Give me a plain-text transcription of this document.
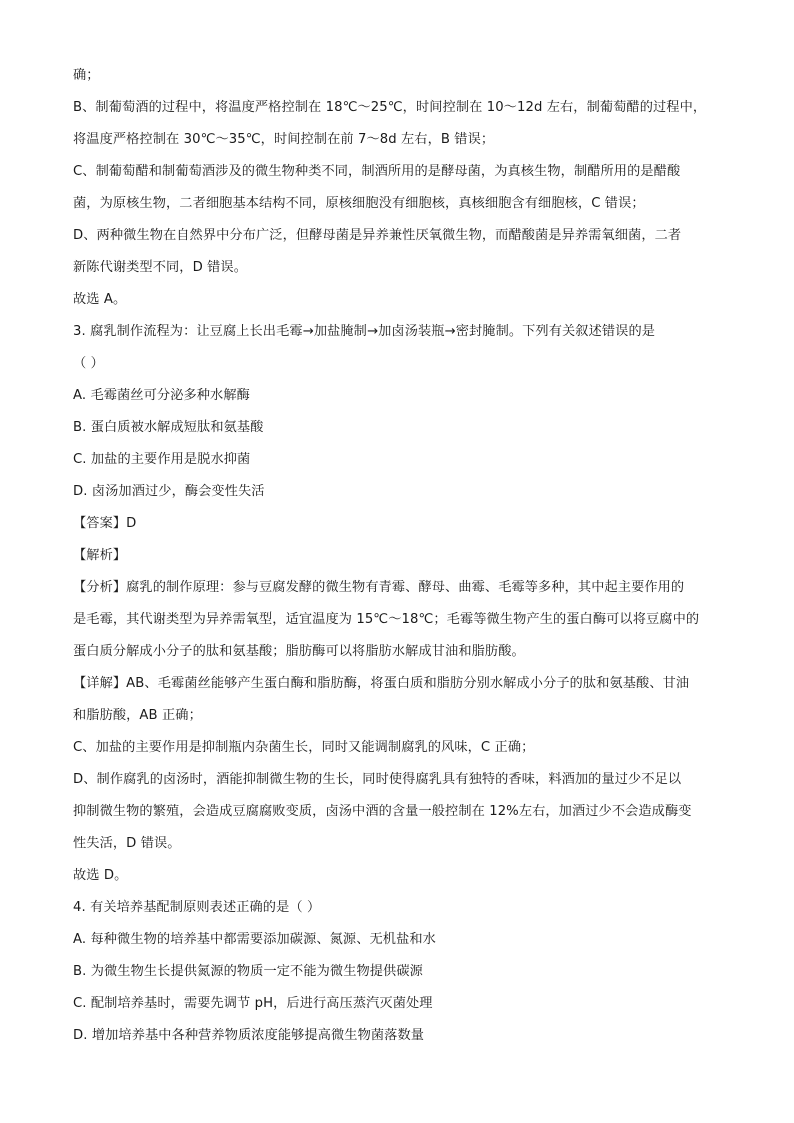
确；
B、制葡萄酒的过程中，将温度严格控制在 18℃～25℃，时间控制在 10～12d 左右，制葡萄醋的过程中，
将温度严格控制在 30℃～35℃，时间控制在前 7～8d 左右，B 错误；
C、制葡萄醋和制葡萄酒涉及的微生物种类不同，制酒所用的是酵母菌，为真核生物，制醋所用的是醋酸
菌，为原核生物，二者细胞基本结构不同，原核细胞没有细胞核，真核细胞含有细胞核，C 错误；
D、两种微生物在自然界中分布广泛，但酵母菌是异养兼性厌氧微生物，而醋酸菌是异养需氧细菌，二者
新陈代谢类型不同，D 错误。
故选 A。
3. 腐乳制作流程为：让豆腐上长出毛霉→加盐腌制→加卤汤装瓶→密封腌制。下列有关叙述错误的是
（ ）
A. 毛霉菌丝可分泌多种水解酶
B. 蛋白质被水解成短肽和氨基酸
C. 加盐的主要作用是脱水抑菌
D. 卤汤加酒过少，酶会变性失活
【答案】D
【解析】
【分析】腐乳的制作原理：参与豆腐发酵的微生物有青霉、酵母、曲霉、毛霉等多种，其中起主要作用的
是毛霉，其代谢类型为异养需氧型，适宜温度为 15℃～18℃；毛霉等微生物产生的蛋白酶可以将豆腐中的
蛋白质分解成小分子的肽和氨基酸；脂肪酶可以将脂肪水解成甘油和脂肪酸。
【详解】AB、毛霉菌丝能够产生蛋白酶和脂肪酶，将蛋白质和脂肪分别水解成小分子的肽和氨基酸、甘油
和脂肪酸，AB 正确；
C、加盐的主要作用是抑制瓶内杂菌生长，同时又能调制腐乳的风味，C 正确；
D、制作腐乳的卤汤时，酒能抑制微生物的生长，同时使得腐乳具有独特的香味，料酒加的量过少不足以
抑制微生物的繁殖，会造成豆腐腐败变质，卤汤中酒的含量一般控制在 12%左右，加酒过少不会造成酶变
性失活，D 错误。
故选 D。
4. 有关培养基配制原则表述正确的是（ ）
A. 每种微生物的培养基中都需要添加碳源、氮源、无机盐和水
B. 为微生物生长提供氮源的物质一定不能为微生物提供碳源
C. 配制培养基时，需要先调节 pH，后进行高压蒸汽灭菌处理
D. 增加培养基中各种营养物质浓度能够提高微生物菌落数量
